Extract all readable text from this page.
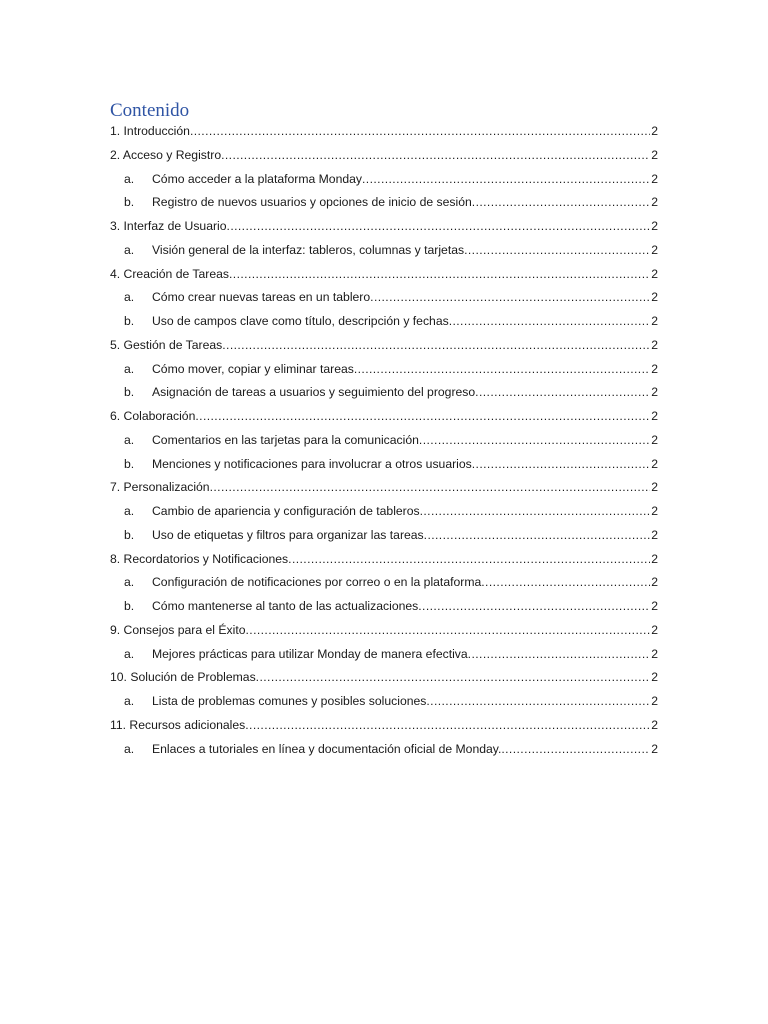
Contenido
1. Introducción .....	2
2. Acceso y Registro .....	2
a.	Cómo acceder a la plataforma Monday .....	2
b.	Registro de nuevos usuarios y opciones de inicio de sesión .....	2
3. Interfaz de Usuario .....	2
a.	Visión general de la interfaz: tableros, columnas y tarjetas .....	2
4. Creación de Tareas .....	2
a.	Cómo crear nuevas tareas en un tablero .....	2
b.	Uso de campos clave como título, descripción y fechas .....	2
5. Gestión de Tareas .....	2
a.	Cómo mover, copiar y eliminar tareas .....	2
b.	Asignación de tareas a usuarios y seguimiento del progreso .....	2
6. Colaboración .....	2
a.	Comentarios en las tarjetas para la comunicación .....	2
b.	Menciones y notificaciones para involucrar a otros usuarios .....	2
7. Personalización .....	2
a.	Cambio de apariencia y configuración de tableros .....	2
b.	Uso de etiquetas y filtros para organizar las tareas .....	2
8. Recordatorios y Notificaciones .....	2
a.	Configuración de notificaciones por correo o en la plataforma .....	2
b.	Cómo mantenerse al tanto de las actualizaciones .....	2
9. Consejos para el Éxito .....	2
a.	Mejores prácticas para utilizar Monday de manera efectiva .....	2
10. Solución de Problemas .....	2
a.	Lista de problemas comunes y posibles soluciones .....	2
11. Recursos adicionales .....	2
a.	Enlaces a tutoriales en línea y documentación oficial de Monday. .....	2
